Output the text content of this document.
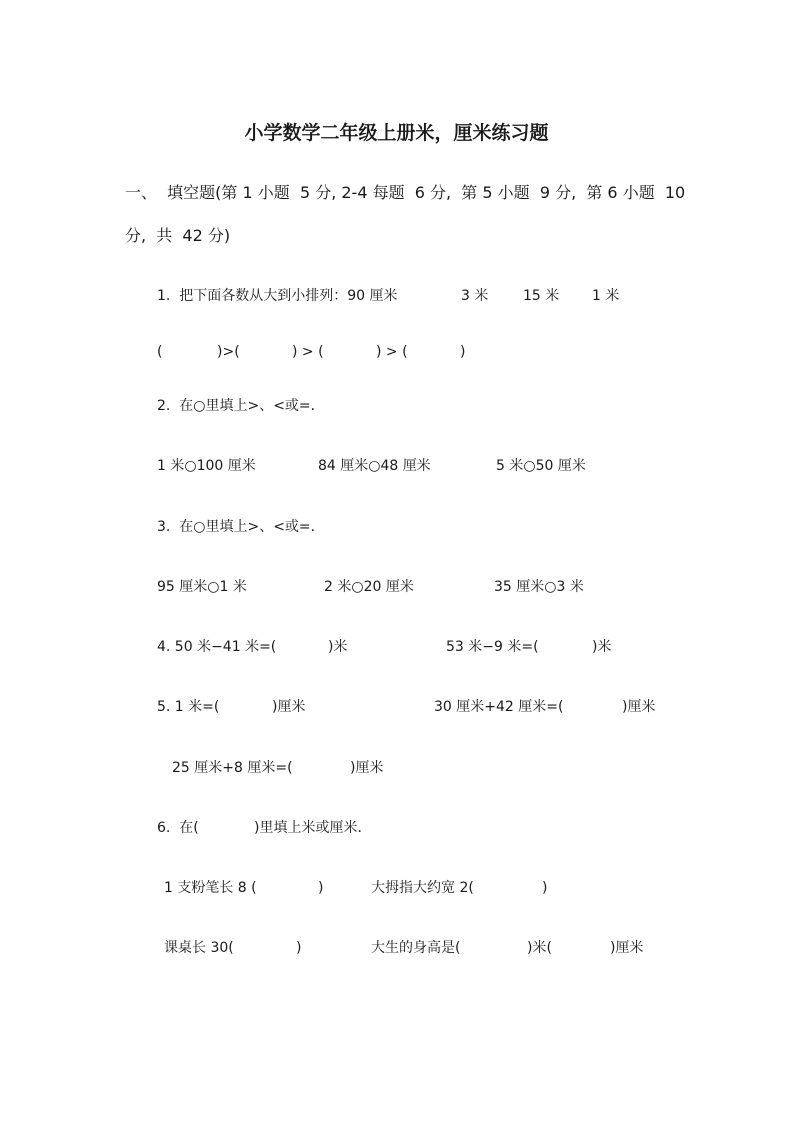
小学数学二年级上册米，厘米练习题
一、  填空题(第 1 小题  5 分, 2-4 每题  6 分,  第 5 小题  9 分,  第 6 小题  10
分,  共  42 分)
1.  把下面各数从大到小排列：90 厘米	3 米 15 米 1 米
(	)>(	) > (	) > (	)
2.  在○里填上>、<或=．
1 米○100 厘米	84 厘米○48 厘米	5 米○50 厘米
3.  在○里填上>、<或=．
95 厘米○1 米	2 米○20 厘米	35 厘米○3 米
4. 50 米−41 米=(	)米	53 米−9 米=(	)米
5. 1 米=(	)厘米	30 厘米+42 厘米=(	)厘米
25 厘米+8 厘米=(	)厘米
6.  在(	)里填上米或厘米．
1 支粉笔长 8 (	)	大拇指大约宽 2(	)
课桌长 30(	)	大生的身高是(	)米(	)厘米
